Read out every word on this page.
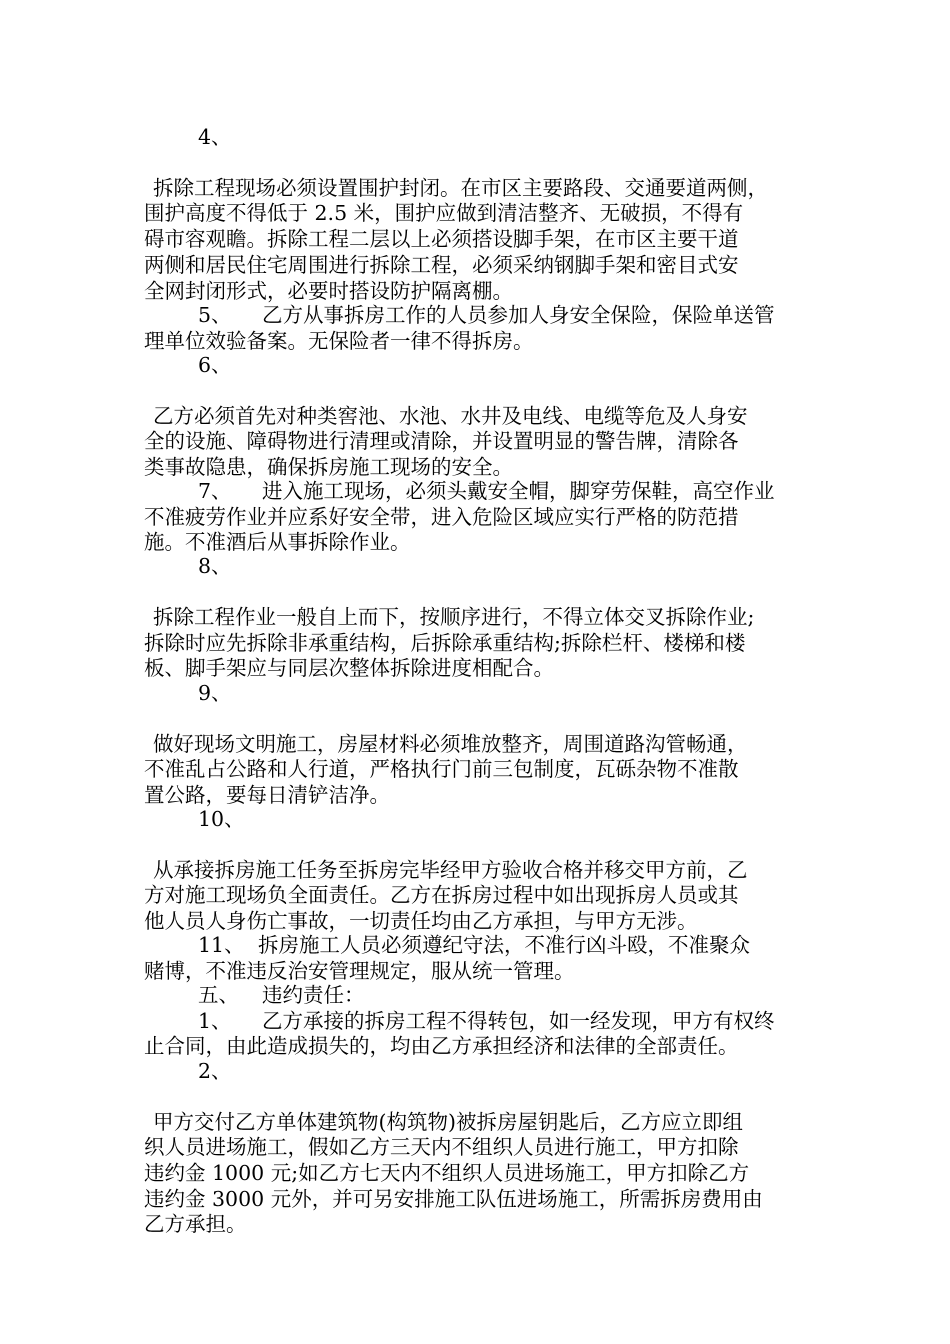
4、
拆除工程现场必须设置围护封闭。在市区主要路段、交通要道两侧，
围护高度不得低于 2.5 米，围护应做到清洁整齐、无破损，不得有
碍市容观瞻。拆除工程二层以上必须搭设脚手架，在市区主要干道
两侧和居民住宅周围进行拆除工程，必须采纳钢脚手架和密目式安
全网封闭形式，必要时搭设防护隔离棚。
5、 乙方从事拆房工作的人员参加人身安全保险，保险单送管
理单位效验备案。无保险者一律不得拆房。
6、
乙方必须首先对种类窖池、水池、水井及电线、电缆等危及人身安
全的设施、障碍物进行清理或清除，并设置明显的警告牌，清除各
类事故隐患，确保拆房施工现场的安全。
7、 进入施工现场，必须头戴安全帽，脚穿劳保鞋，高空作业
不准疲劳作业并应系好安全带，进入危险区域应实行严格的防范措
施。不准酒后从事拆除作业。
8、
拆除工程作业一般自上而下，按顺序进行，不得立体交叉拆除作业;
拆除时应先拆除非承重结构，后拆除承重结构;拆除栏杆、楼梯和楼
板、脚手架应与同层次整体拆除进度相配合。
9、
做好现场文明施工，房屋材料必须堆放整齐，周围道路沟管畅通，
不准乱占公路和人行道，严格执行门前三包制度，瓦砾杂物不准散
置公路，要每日清铲洁净。
10、
从承接拆房施工任务至拆房完毕经甲方验收合格并移交甲方前，乙
方对施工现场负全面责任。乙方在拆房过程中如出现拆房人员或其
他人员人身伤亡事故，一切责任均由乙方承担，与甲方无涉。
11、 拆房施工人员必须遵纪守法，不准行凶斗殴，不准聚众
赌博，不准违反治安管理规定，服从统一管理。
五、 违约责任：
1、 乙方承接的拆房工程不得转包，如一经发现，甲方有权终
止合同，由此造成损失的，均由乙方承担经济和法律的全部责任。
2、
甲方交付乙方单体建筑物(构筑物)被拆房屋钥匙后，乙方应立即组
织人员进场施工，假如乙方三天内不组织人员进行施工，甲方扣除
违约金 1000 元;如乙方七天内不组织人员进场施工，甲方扣除乙方
违约金 3000 元外，并可另安排施工队伍进场施工，所需拆房费用由
乙方承担。
